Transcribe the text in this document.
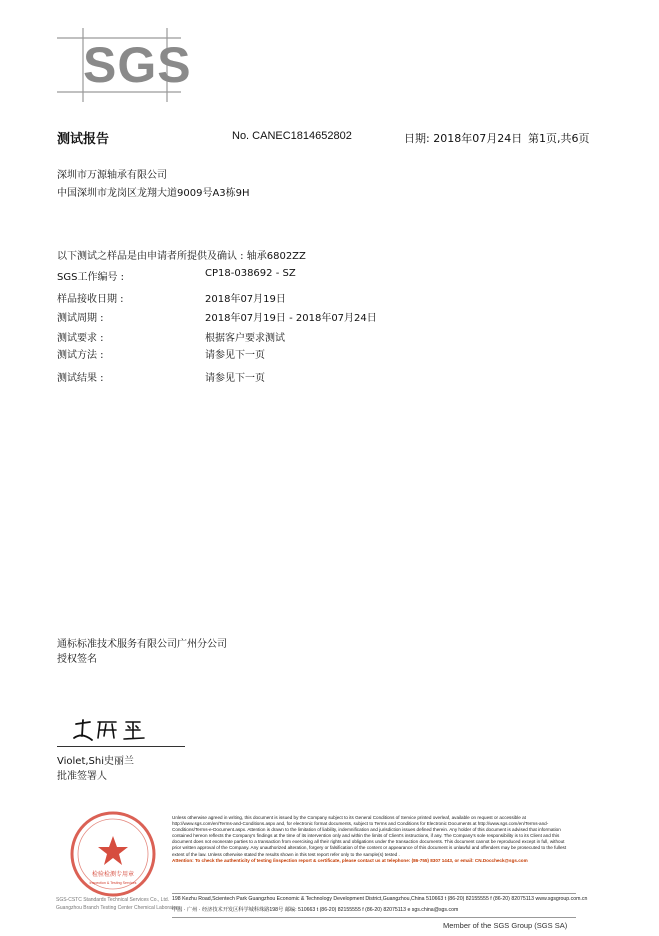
SGS
测试报告	No. CANEC1814652802	日期: 2018年07月24日 第1页,共6页
深圳市万源轴承有限公司
中国深圳市龙岗区龙翔大道9009号A3栋9H
以下测试之样品是由申请者所提供及确认 : 轴承6802ZZ
SGS工作编号 :	CP18-038692 - SZ
样品接收日期 :	2018年07月19日
测试周期 :	2018年07月19日 - 2018年07月24日
测试要求 :	根据客户要求测试
测试方法 :	请参见下一页
测试结果 :	请参见下一页
通标标准技术服务有限公司广州分公司
授权签名
Violet,Shi史丽兰
批准签署人
检验检测专用章
Inspection & Testing Services
SGS-CSTC Standards Technical Services Co., Ltd.
Guangzhou Branch Testing Center Chemical Laboratory
Unless otherwise agreed in writing, this document is issued by the Company subject to its General Conditions of Service printed overleaf, available on request or accessible at http://www.sgs.com/en/Terms-and-Conditions.aspx and, for electronic format documents, subject to Terms and Conditions for Electronic Documents at http://www.sgs.com/en/Terms-and-Conditions/Terms-e-Document.aspx. Attention is drawn to the limitation of liability, indemnification and jurisdiction issues defined therein. Any holder of this document is advised that information contained hereon reflects the Company's findings at the time of its intervention only and within the limits of Client's instructions, if any. The Company's sole responsibility is to its Client and this document does not exonerate parties to a transaction from exercising all their rights and obligations under the transaction documents. This document cannot be reproduced except in full, without prior written approval of the Company. Any unauthorized alteration, forgery or falsification of the content or appearance of this document is unlawful and offenders may be prosecuted to the fullest extent of the law. Unless otherwise stated the results shown in this test report refer only to the sample(s) tested .
Attention: To check the authenticity of testing /inspection report & certificate, please contact us at telephone: (86-755) 8307 1443, or email: CN.Doccheck@sgs.com
198 Kezhu Road,Scientech Park Guangzhou Economic & Technology Development District,Guangzhou,China 510663 t (86-20) 82155555 f (86-20) 82075113 www.sgsgroup.com.cn
中国 · 广州 · 经济技术开发区科学城科珠路198号 邮编: 510663 t (86-20) 82155555 f (86-20) 82075113 e sgs.china@sgs.com
Member of the SGS Group (SGS SA)
